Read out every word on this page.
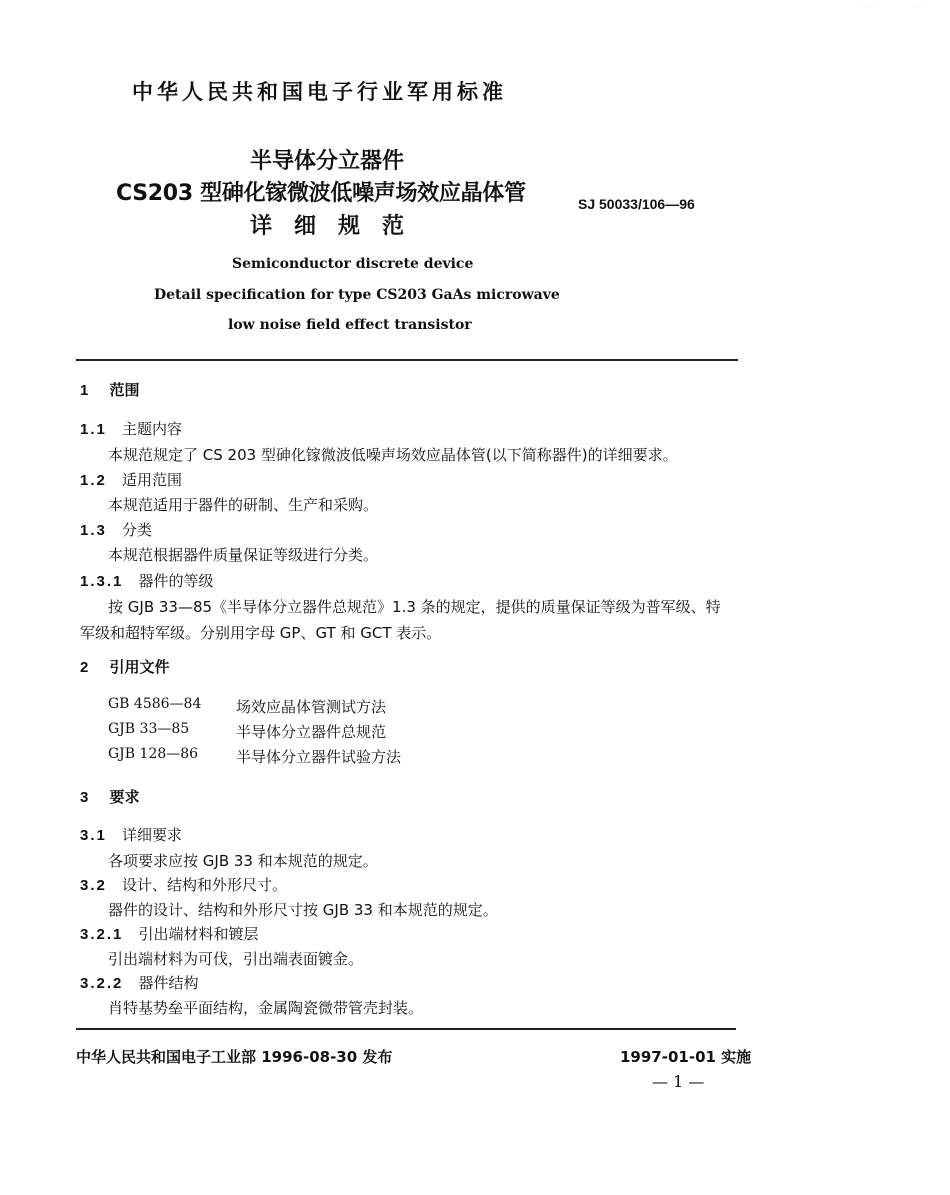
· · · · ·	· · · ·
中华人民共和国电子行业军用标准
半导体分立器件
CS203 型砷化镓微波低噪声场效应晶体管
详　细　规　范
SJ 50033/106—96
Semiconductor discrete device
Detail specification for type CS203 GaAs microwave
low noise field effect transistor
1 范围
1.1 主题内容
本规范规定了 CS 203 型砷化镓微波低噪声场效应晶体管(以下简称器件)的详细要求。
1.2 适用范围
本规范适用于器件的研制、生产和采购。
1.3 分类
本规范根据器件质量保证等级进行分类。
1.3.1 器件的等级
按 GJB 33—85《半导体分立器件总规范》1.3 条的规定，提供的质量保证等级为普军级、特
军级和超特军级。分别用字母 GP、GT 和 GCT 表示。
2 引用文件
GB 4586—84 场效应晶体管测试方法
GJB 33—85	半导体分立器件总规范
GJB 128—86	半导体分立器件试验方法
3 要求
3.1 详细要求
各项要求应按 GJB 33 和本规范的规定。
3.2 设计、结构和外形尺寸。
器件的设计、结构和外形尺寸按 GJB 33 和本规范的规定。
3.2.1 引出端材料和镀层
引出端材料为可伐，引出端表面镀金。
3.2.2 器件结构
肖特基势垒平面结构，金属陶瓷微带管壳封装。
中华人民共和国电子工业部 1996-08-30 发布	1997-01-01 实施
— 1 —
